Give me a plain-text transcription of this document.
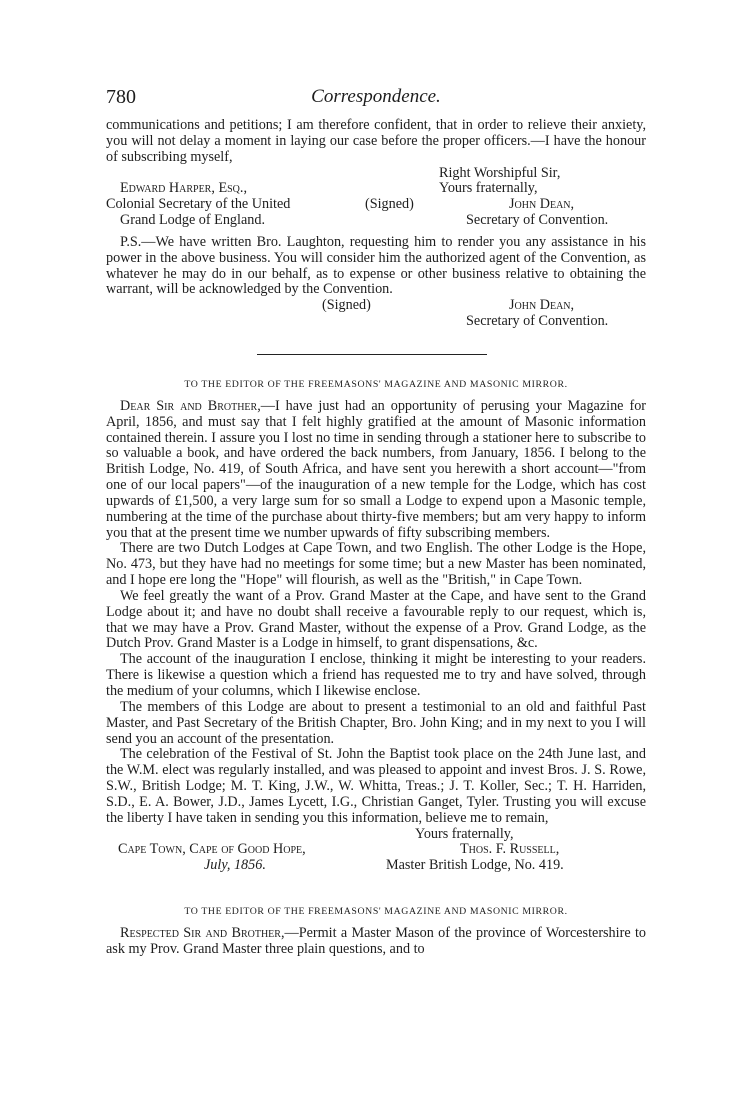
780	Correspondence.

communications and petitions; I am therefore confident, that in order to relieve their anxiety, you will not delay a moment in laying our case before the proper officers.—I have the honour of subscribing myself,

Right Worshipful Sir,
Edward Harper, Esq.,	Yours fraternally,
Colonial Secretary of the United	(Signed)	John Dean,
Grand Lodge of England.	Secretary of Convention.

P.S.—We have written Bro. Laughton, requesting him to render you any assistance in his power in the above business. You will consider him the authorized agent of the Convention, as whatever he may do in our behalf, as to expense or other business relative to obtaining the warrant, will be acknowledged by the Convention.

(Signed)	John Dean,
Secretary of Convention.
TO THE EDITOR OF THE FREEMASONS' MAGAZINE AND MASONIC MIRROR.

Dear Sir and Brother,—I have just had an opportunity of perusing your Magazine for April, 1856, and must say that I felt highly gratified at the amount of Masonic information contained therein. I assure you I lost no time in sending through a stationer here to subscribe to so valuable a book, and have ordered the back numbers, from January, 1856. I belong to the British Lodge, No. 419, of South Africa, and have sent you herewith a short account—"from one of our local papers"—of the inauguration of a new temple for the Lodge, which has cost upwards of £1,500, a very large sum for so small a Lodge to expend upon a Masonic temple, numbering at the time of the purchase about thirty-five members; but am very happy to inform you that at the present time we number upwards of fifty subscribing members.

There are two Dutch Lodges at Cape Town, and two English. The other Lodge is the Hope, No. 473, but they have had no meetings for some time; but a new Master has been nominated, and I hope ere long the "Hope" will flourish, as well as the "British," in Cape Town.

We feel greatly the want of a Prov. Grand Master at the Cape, and have sent to the Grand Lodge about it; and have no doubt shall receive a favourable reply to our request, which is, that we may have a Prov. Grand Master, without the expense of a Prov. Grand Lodge, as the Dutch Prov. Grand Master is a Lodge in himself, to grant dispensations, &c.

The account of the inauguration I enclose, thinking it might be interesting to your readers. There is likewise a question which a friend has requested me to try and have solved, through the medium of your columns, which I likewise enclose.

The members of this Lodge are about to present a testimonial to an old and faithful Past Master, and Past Secretary of the British Chapter, Bro. John King; and in my next to you I will send you an account of the presentation.

The celebration of the Festival of St. John the Baptist took place on the 24th June last, and the W.M. elect was regularly installed, and was pleased to appoint and invest Bros. J. S. Rowe, S.W., British Lodge; M. T. King, J.W., W. Whitta, Treas.; J. T. Koller, Sec.; T. H. Harriden, S.D., E. A. Bower, J.D., James Lycett, I.G., Christian Ganget, Tyler. Trusting you will excuse the liberty I have taken in sending you this information, believe me to remain,

Yours fraternally,
Cape Town, Cape of Good Hope,	Thos. F. Russell,
July, 1856.	Master British Lodge, No. 419.
TO THE EDITOR OF THE FREEMASONS' MAGAZINE AND MASONIC MIRROR.

Respected Sir and Brother,—Permit a Master Mason of the province of Worcestershire to ask my Prov. Grand Master three plain questions, and to
